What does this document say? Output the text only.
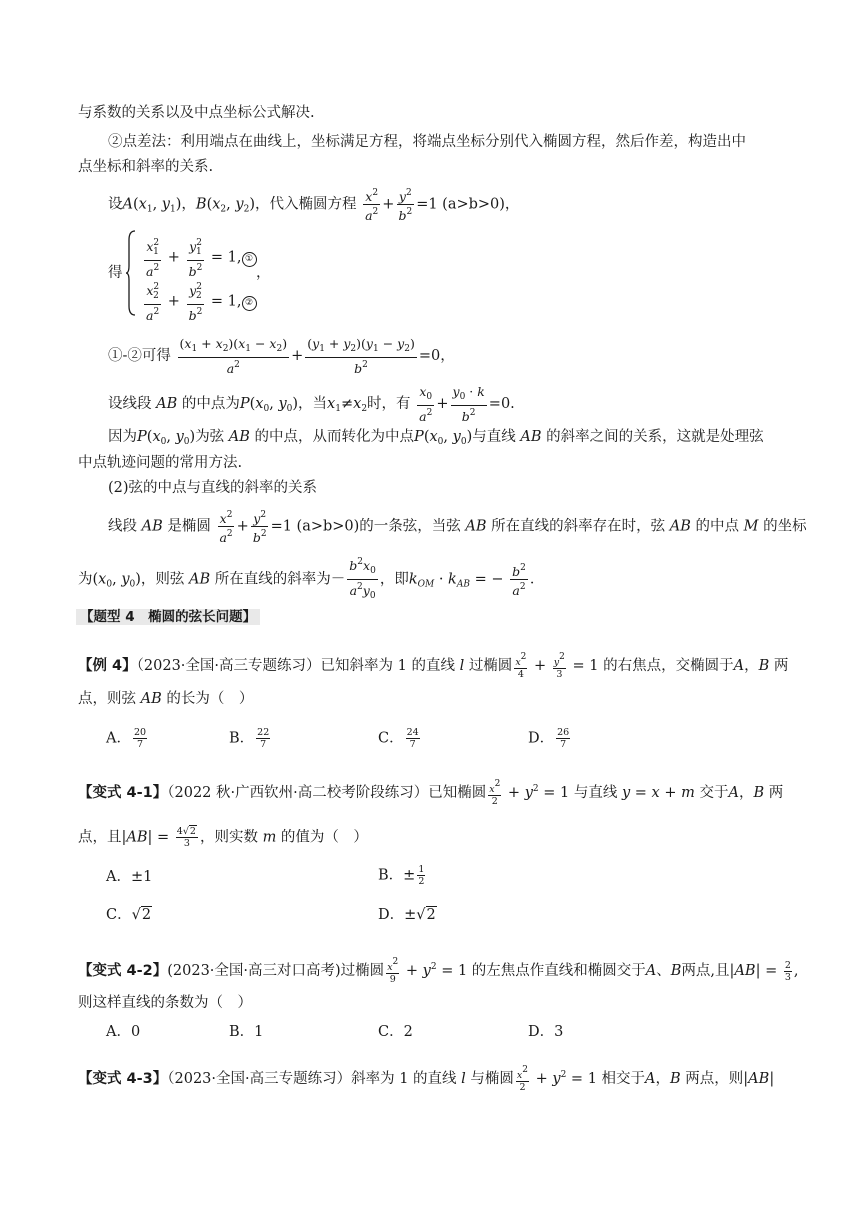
与系数的关系以及中点坐标公式解决.
②点差法：利用端点在曲线上，坐标满足方程，将端点坐标分别代入椭圆方程，然后作差，构造出中
点坐标和斜率的关系.
设$A(x_1$, $y_1$)，$B(x_2$, $y_2$)，代入椭圆方程 $\frac{x^2}{a^2} + \frac{y^2}{b^2} =1$ (a>b>0)，
得 $\frac{x^2_1}{a^2} + \frac{y^2_1}{b^2} = 1$, ①
$\frac{x^2_2}{a^2} + \frac{y^2_2}{b^2} = 1$, ②
，
①-②可得 $\frac{(x_1 + x_2)(x_1 - x_2)}{a^2} + \frac{(y_1 + y_2)(y_1 - y_2)}{b^2} =0$，
设线段 AB 的中点为$P(x_0$, $y_0$)，当$x_1\ne x_2$时，有 $\frac{x_0}{a^2} + \frac{y_0 \cdot k}{b^2} =0$.
因为$P(x_0$, $y_0$)为弦 AB 的中点，从而转化为中点$P(x_0$, $y_0$)与直线 AB 的斜率之间的关系，这就是处理弦
中点轨迹问题的常用方法.
(2)弦的中点与直线的斜率的关系
线段 AB 是椭圆 $\frac{x^2}{a^2} + \frac{y^2}{b^2} =1$ (a>b>0)的一条弦，当弦 AB 所在直线的斜率存在时，弦 AB 的中点 M 的坐标
为($x_0$, $y_0$)，则弦 AB 所在直线的斜率为－ $\frac{b^2x_0}{a^2y_0}$ ，即$k_{OM} \cdot k_{AB}$ = − $\frac{b^2}{a^2}$ ．
【题型 4　椭圆的弦长问题】
【例 4】（2023·全国·高三专题练习）已知斜率为 1 的直线 l 过椭圆 $\frac{x2}{4} + \frac{y2}{3} = 1$ 的右焦点，交椭圆于A，B 两
点，则弦 AB 的长为（　）
A． $\frac{20}{7}$	B． $\frac{22}{7}$	C． $\frac{24}{7}$	D． $\frac{26}{7}$
【变式 4-1】（2022 秋·广西钦州·高二校考阶段练习）已知椭圆 $\frac{x2}{2} + y^2 = 1$ 与直线 y = x + m 交于A，B 两
点，且$|AB| = \frac{4√2}{3}$ ，则实数 m 的值为（　）
A．±1	B．± $\frac{1}{2}$
C．√2	D．±√2
【变式 4-2】(2023·全国·高三对口高考)过椭圆 $\frac{x2}{9} + y^2 = 1$ 的左焦点作直线和椭圆交于A、B两点,且$|AB| = \frac{2}{3}$ ,
则这样直线的条数为（　）
A．0	B．1	C．2	D．3
【变式 4-3】（2023·全国·高三专题练习）斜率为 1 的直线 l 与椭圆 $\frac{x2}{2} + y^2 = 1$ 相交于A，B 两点，则|AB|
